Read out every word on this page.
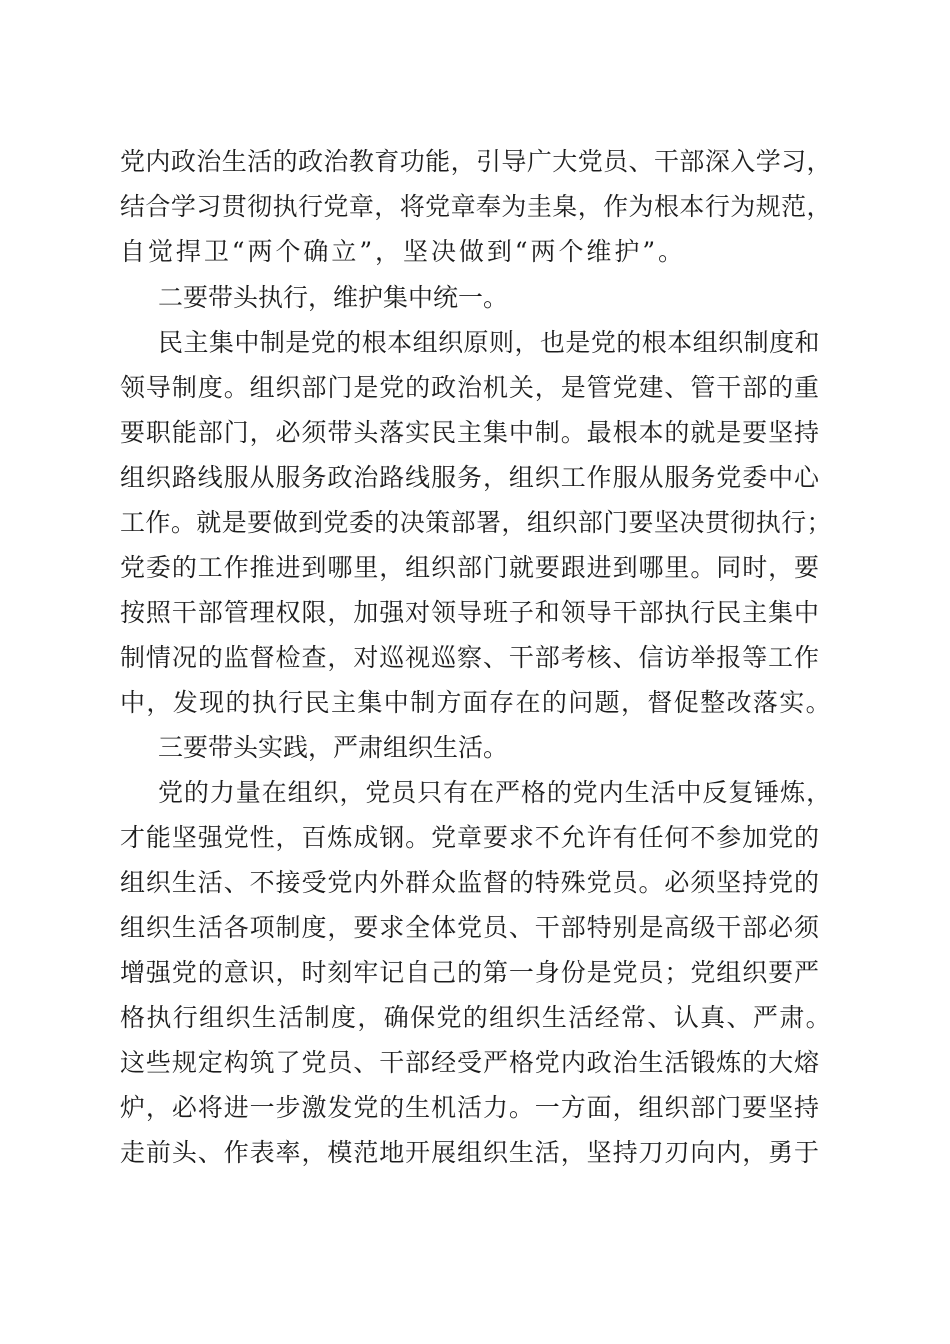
党内政治生活的政治教育功能，引导广大党员、干部深入学习，
结合学习贯彻执行党章，将党章奉为圭臬，作为根本行为规范，
自觉捍卫“两个确立”，坚决做到“两个维护”。
二要带头执行，维护集中统一。
民主集中制是党的根本组织原则，也是党的根本组织制度和
领导制度。组织部门是党的政治机关，是管党建、管干部的重
要职能部门，必须带头落实民主集中制。最根本的就是要坚持
组织路线服从服务政治路线服务，组织工作服从服务党委中心
工作。就是要做到党委的决策部署，组织部门要坚决贯彻执行；
党委的工作推进到哪里，组织部门就要跟进到哪里。同时，要
按照干部管理权限，加强对领导班子和领导干部执行民主集中
制情况的监督检查，对巡视巡察、干部考核、信访举报等工作
中，发现的执行民主集中制方面存在的问题，督促整改落实。
三要带头实践，严肃组织生活。
党的力量在组织，党员只有在严格的党内生活中反复锤炼，
才能坚强党性，百炼成钢。党章要求不允许有任何不参加党的
组织生活、不接受党内外群众监督的特殊党员。必须坚持党的
组织生活各项制度，要求全体党员、干部特别是高级干部必须
增强党的意识，时刻牢记自己的第一身份是党员；党组织要严
格执行组织生活制度，确保党的组织生活经常、认真、严肃。
这些规定构筑了党员、干部经受严格党内政治生活锻炼的大熔
炉，必将进一步激发党的生机活力。一方面，组织部门要坚持
走前头、作表率，模范地开展组织生活，坚持刀刃向内，勇于
